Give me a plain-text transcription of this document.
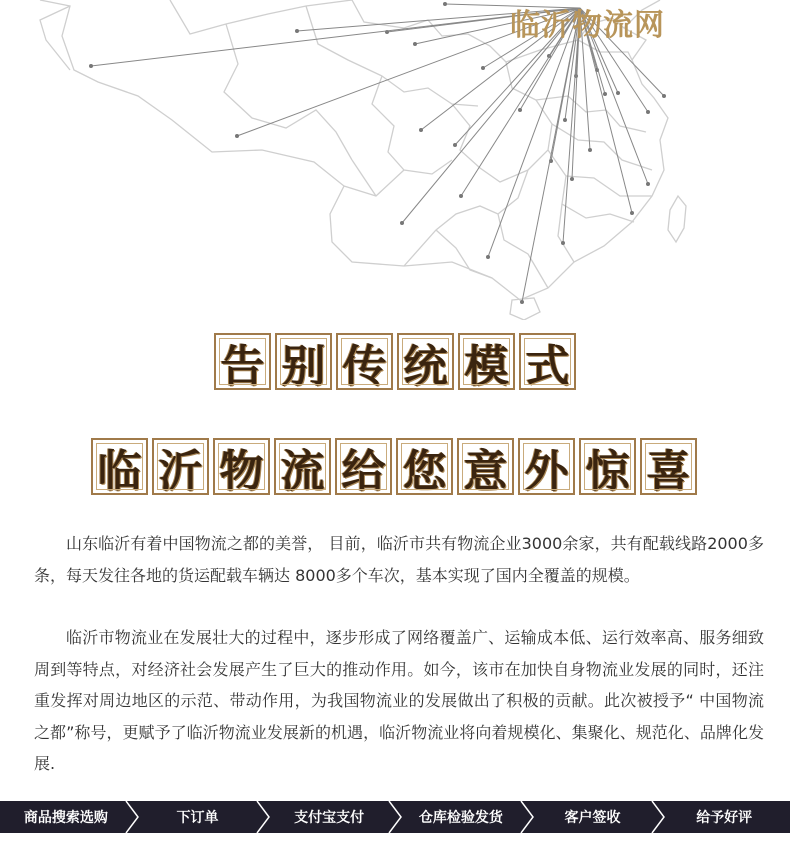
临沂物流网
告 别 传 统 模 式
临 沂 物 流 给 您 意 外 惊 喜
山东临沂有着中国物流之都的美誉， 目前，临沂市共有物流企业3000余家，共有配载线路2000多条，每天发往各地的货运配载车辆达 8000多个车次，基本实现了国内全覆盖的规模。
临沂市物流业在发展壮大的过程中，逐步形成了网络覆盖广、运输成本低、运行效率高、服务细致周到等特点，对经济社会发展产生了巨大的推动作用。如今，该市在加快自身物流业发展的同时，还注重发挥对周边地区的示范、带动作用，为我国物流业的发展做出了积极的贡献。此次被授予“ 中国物流之都”称号，更赋予了临沂物流业发展新的机遇，临沂物流业将向着规模化、集聚化、规范化、品牌化发展.
商品搜索选购	下订单	支付宝支付	仓库检验发货	客户签收	给予好评
